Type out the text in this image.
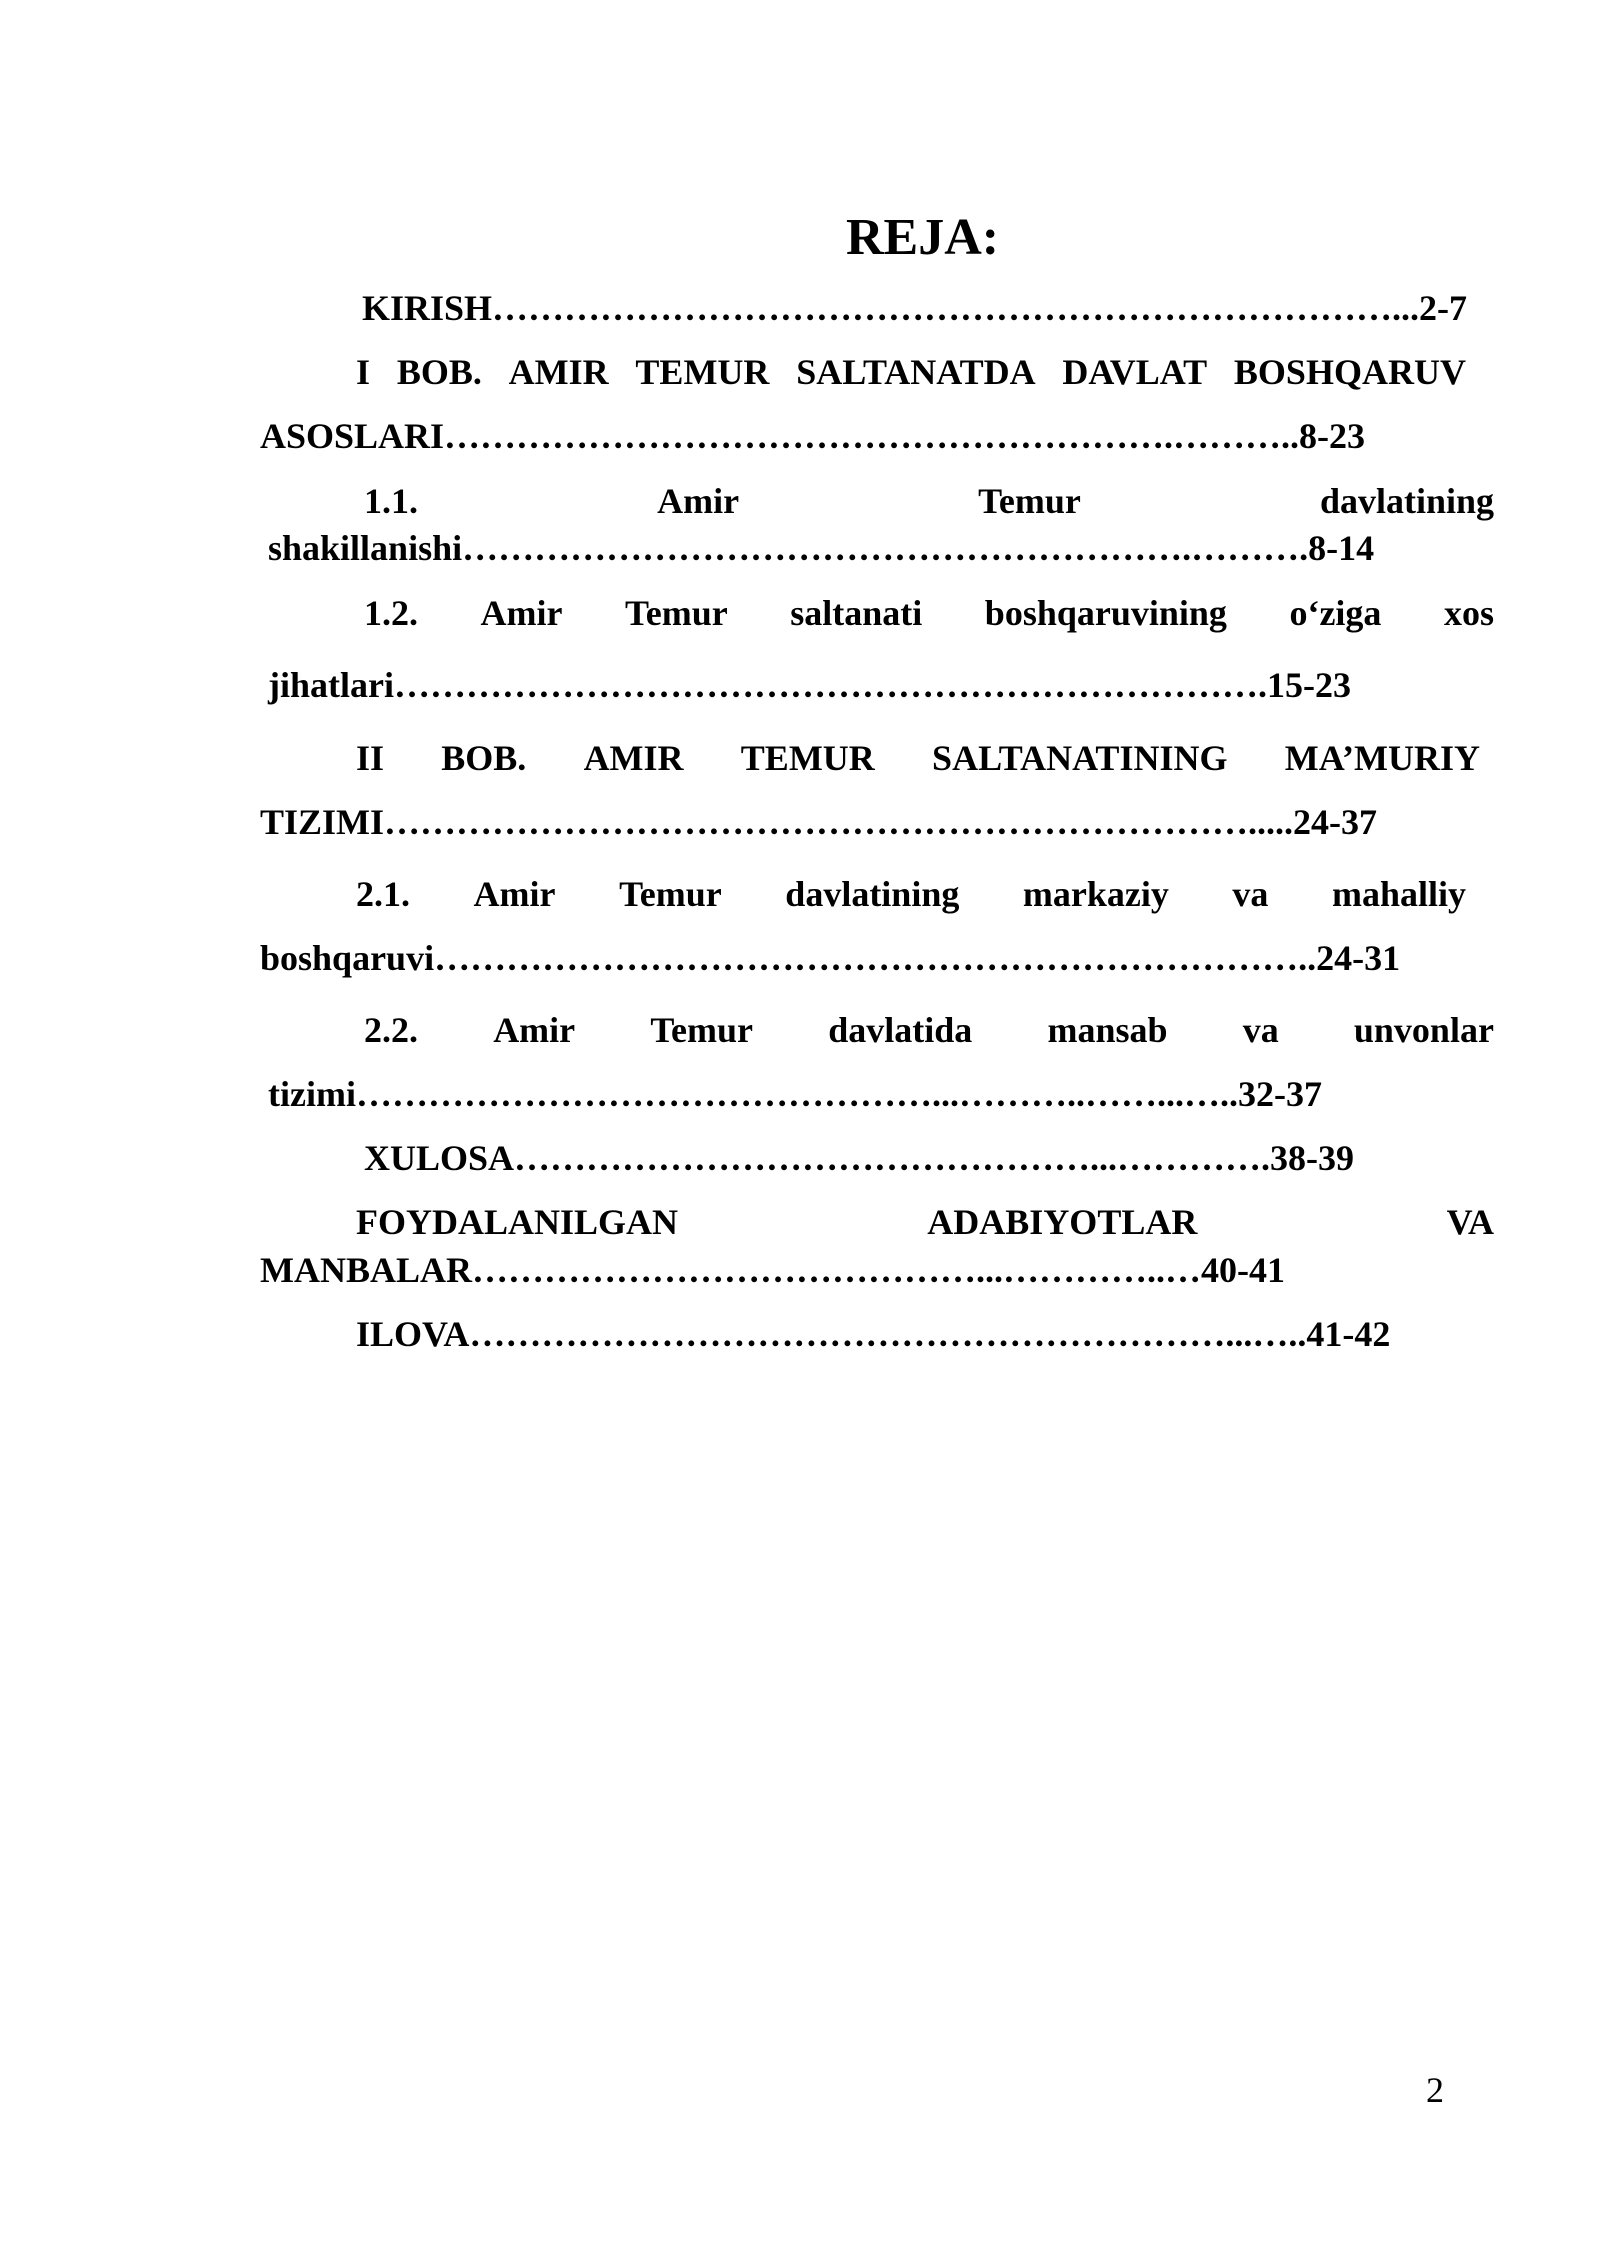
REJA:
KIRISH…………………………………………………………………...2-7
I BOB. AMIR TEMUR SALTANATDA DAVLAT BOSHQARUV
ASOSLARI…………………………………………………….………..8-23
1.1.	Amir	Temur	davlatining
shakillanishi…………………………………………………….……….8-14
1.2. Amir Temur saltanati boshqaruvining o‘ziga xos
jihatlari……………………………………………………………….15-23
II BOB. AMIR TEMUR SALTANATINING MA’MURIY
TIZIMI……………………………………………………………….....24-37
2.1. Amir Temur davlatining markaziy va mahalliy
boshqaruvi………………………………………………………………..24-31
2.2. Amir Temur davlatida mansab va unvonlar
tizimi…………………………………………...………..……...…..32-37
XULOSA…………………………………………...………….38-39
FOYDALANILGAN	ADABIYOTLAR	VA
MANBALAR……………………………………...…………..…40-41
ILOVA………………………………………………………...…..41-42
2
